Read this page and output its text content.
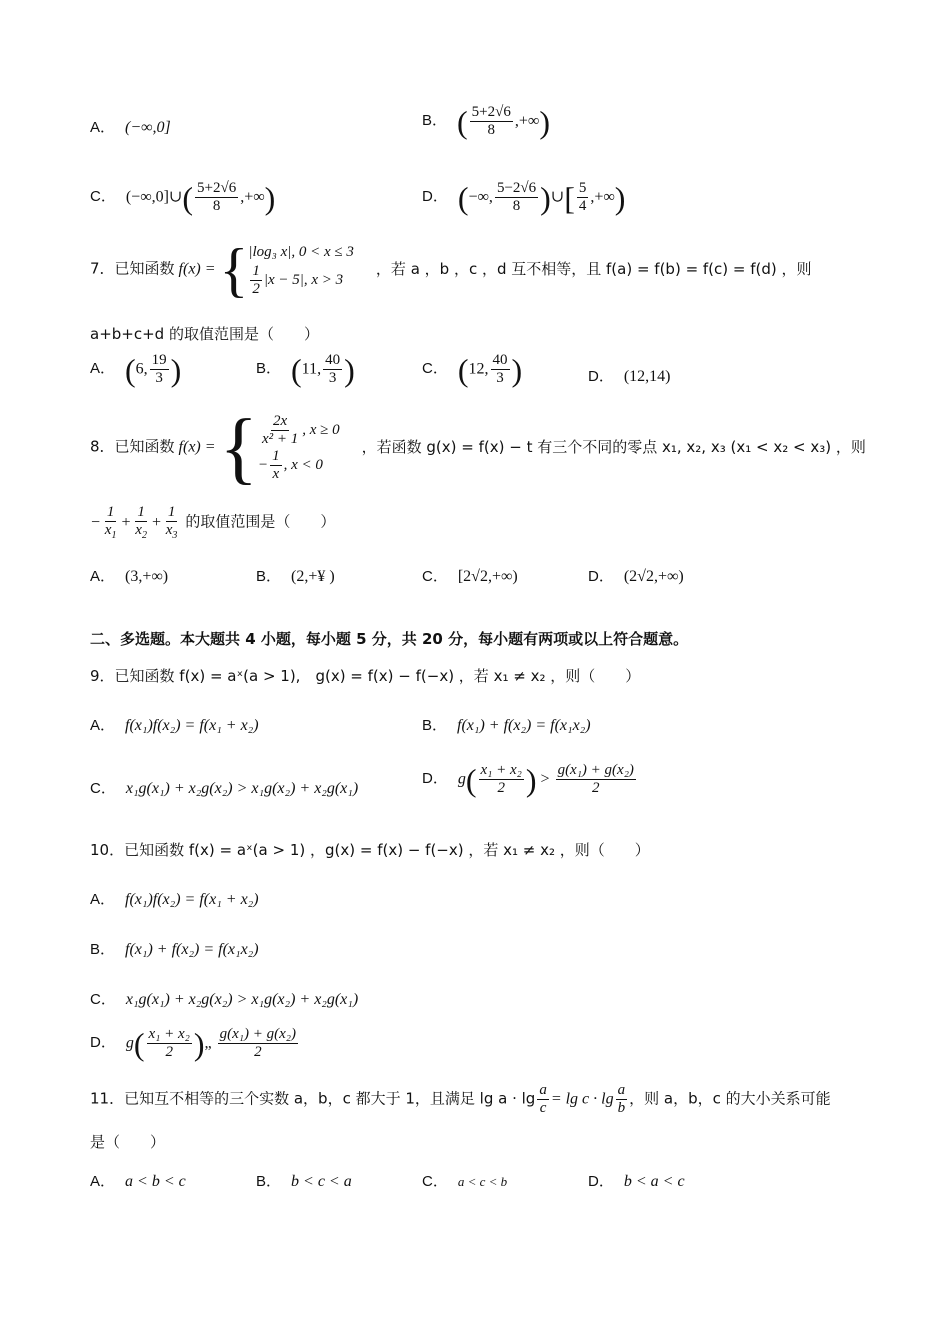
A． (−∞,0]	B． ( $\frac{5+2√6}{8}$ ,+∞)
C． (−∞,0]∪( $\frac{5+2√6}{8}$ ,+∞)	D． (−∞, $\frac{5-2√6}{8}$ )∪[ $\frac{5}{4}$ ,+∞)
7．已知函数 f(x) = { |log₃ x|, 0 < x ≤ 3
$\frac{1}{2} |x - 5|$, x > 3
，若 a ，b ，c ，d 互不相等，且 f(a) = f(b) = f(c) = f(d) ，则
a+b+c+d 的取值范围是（　　）
A． (6, $\frac{19}{3}$ )	B． (11, $\frac{40}{3}$ )	C． (12, $\frac{40}{3}$ )	D． (12,14)
8．已知函数 f(x) = { $\frac{2x}{\text{x² + 1}}$ , x ≥ 0
− $\frac{1}{x}$ , x < 0
，若函数 g(x) = f(x) − t 有三个不同的零点 x₁, x₂, x₃ (x₁ < x₂ < x₃) ，则
− $\frac{1}{x_1} + \frac{1}{x_2} + \frac{1}{x_3}$ 的取值范围是（　　）
A． (3,+∞)	B． (2,+¥ )	C． [2√2,+∞)	D． (2√2,+∞)
二、多选题。本大题共 4 小题，每小题 5 分，共 20 分，每小题有两项或以上符合题意。
9．已知函数 f(x) = aˣ(a > 1),　g(x) = f(x) − f(−x) ，若 x₁ ≠ x₂ ，则（　　）
A． f(x₁)f(x₂) = f(x₁ + x₂)	B． f(x₁) + f(x₂) = f(x₁x₂)
C． x₁g(x₁) + x₂g(x₂) > x₁g(x₂) + x₂g(x₁)
D． $g( \frac{\text{x₁ + x₂}}{2}$ ) > $\frac{\text{g(x₁) + g(x₂)}}{2}$
10．已知函数 f(x) = aˣ(a > 1) ，g(x) = f(x) − f(−x) ，若 x₁ ≠ x₂ ，则（　　）
A． f(x₁)f(x₂) = f(x₁ + x₂)
B． f(x₁) + f(x₂) = f(x₁x₂)
C． x₁g(x₁) + x₂g(x₂) > x₁g(x₂) + x₂g(x₁)
D． $g( \frac{\text{x₁ + x₂}}{2}$ )„ $\frac{\text{g(x₁) + g(x₂)}}{2}$
11．已知互不相等的三个实数 a，b，c 都大于 1，且满足 $\lg a \cdot \lg \frac{a}{c} = \lg c \cdot \lg \frac{a}{b}$ ，则 a，b，c 的大小关系可能
是（　　）
A． a < b < c	B． b < c < a	C． a < c < b	D． b < a < c
